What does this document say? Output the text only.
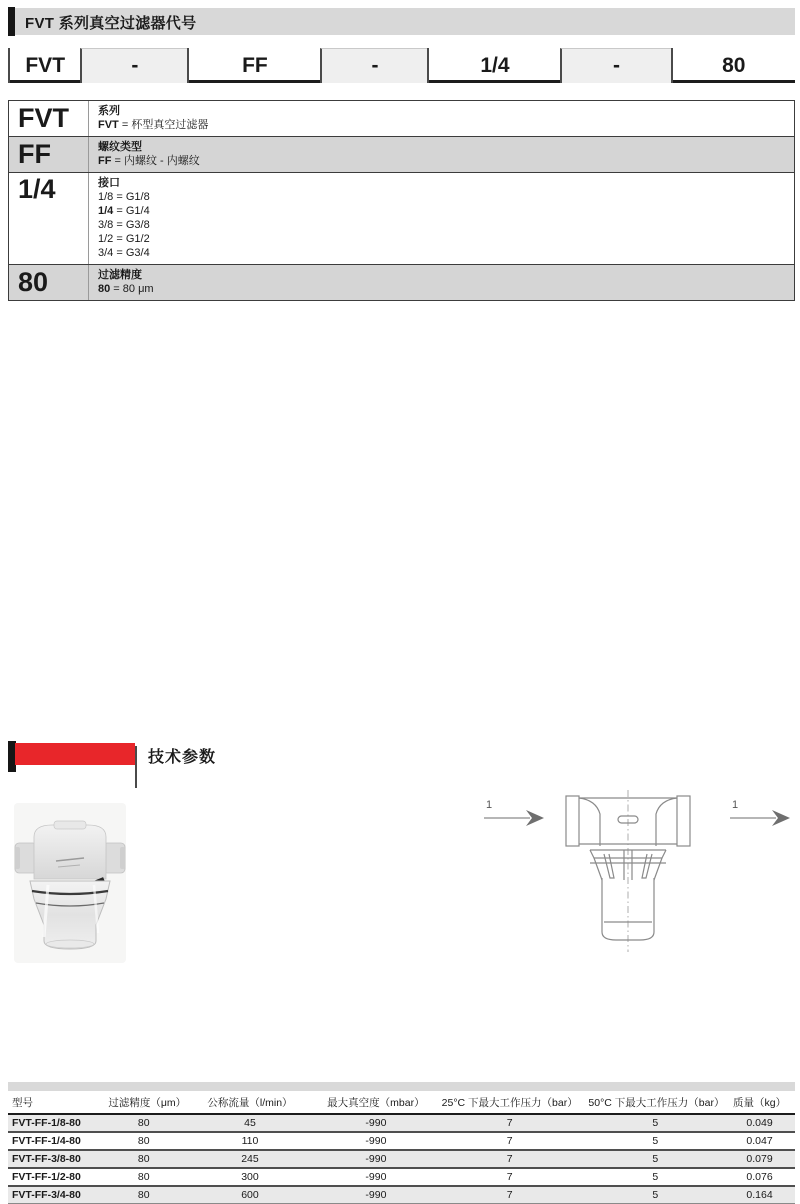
FVT 系列真空过滤器代号
FVT	-	FF	-	1/4	-	80
FVT	系列
FVT = 杯型真空过滤器
FF	螺纹类型
FF = 内螺纹 - 内螺纹
1/4	接口
1/8 = G1/8
1/4 = G1/4
3/8 = G3/8
1/2 = G1/2
3/4 = G3/4
80	过滤精度
80 = 80 μm
技术参数
1	1
型号	过滤精度（μm）	公称流量（l/min）	最大真空度（mbar）	25°C 下最大工作压力（bar）	50°C 下最大工作压力（bar）	质量（kg）
FVT-FF-1/8-80	80	45	-990	7	5	0.049
FVT-FF-1/4-80	80	110	-990	7	5	0.047
FVT-FF-3/8-80	80	245	-990	7	5	0.079
FVT-FF-1/2-80	80	300	-990	7	5	0.076
FVT-FF-3/4-80	80	600	-990	7	5	0.164
